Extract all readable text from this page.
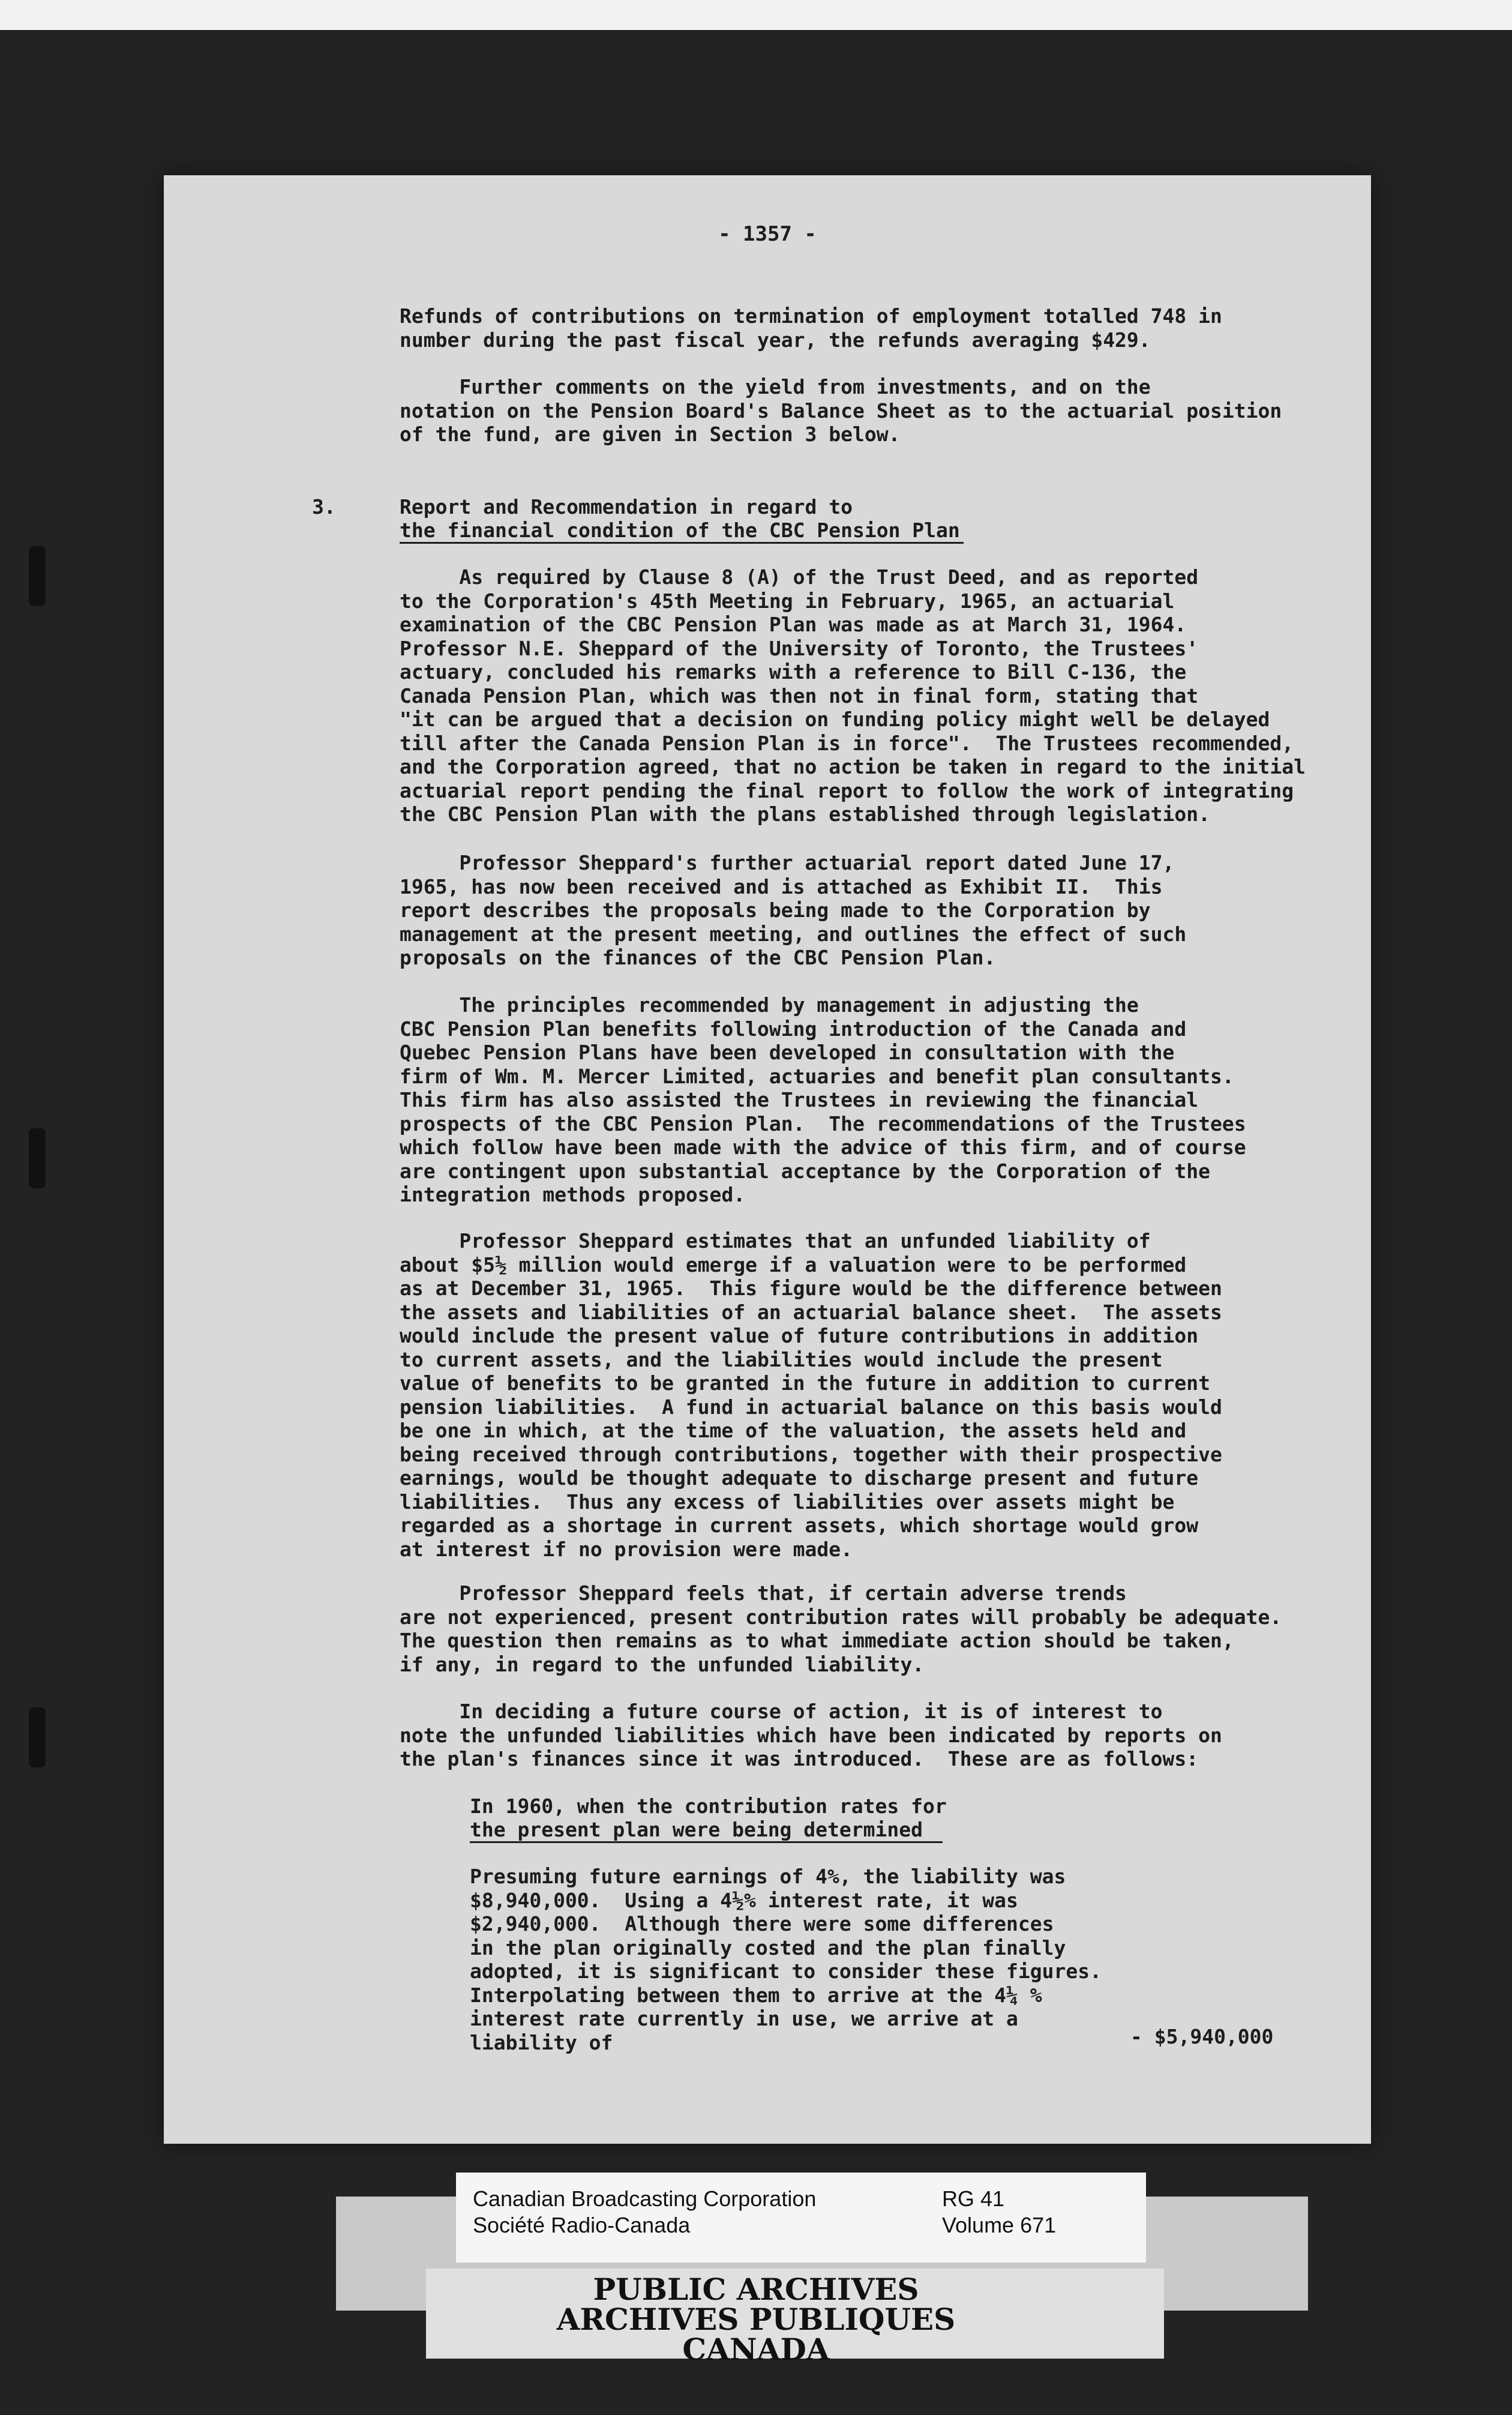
- 1357 -
Refunds of contributions on termination of employment totalled 748 in
number during the past fiscal year, the refunds averaging $429.
Further comments on the yield from investments, and on the
notation on the Pension Board's Balance Sheet as to the actuarial position
of the fund, are given in Section 3 below.
3.	Report and Recommendation in regard to
the financial condition of the CBC Pension Plan
As required by Clause 8 (A) of the Trust Deed, and as reported
to the Corporation's 45th Meeting in February, 1965, an actuarial
examination of the CBC Pension Plan was made as at March 31, 1964.
Professor N.E. Sheppard of the University of Toronto, the Trustees'
actuary, concluded his remarks with a reference to Bill C-136, the
Canada Pension Plan, which was then not in final form, stating that
"it can be argued that a decision on funding policy might well be delayed
till after the Canada Pension Plan is in force".  The Trustees recommended,
and the Corporation agreed, that no action be taken in regard to the initial
actuarial report pending the final report to follow the work of integrating
the CBC Pension Plan with the plans established through legislation.
Professor Sheppard's further actuarial report dated June 17,
1965, has now been received and is attached as Exhibit II.  This
report describes the proposals being made to the Corporation by
management at the present meeting, and outlines the effect of such
proposals on the finances of the CBC Pension Plan.
The principles recommended by management in adjusting the
CBC Pension Plan benefits following introduction of the Canada and
Quebec Pension Plans have been developed in consultation with the
firm of Wm. M. Mercer Limited, actuaries and benefit plan consultants.
This firm has also assisted the Trustees in reviewing the financial
prospects of the CBC Pension Plan.  The recommendations of the Trustees
which follow have been made with the advice of this firm, and of course
are contingent upon substantial acceptance by the Corporation of the
integration methods proposed.
Professor Sheppard estimates that an unfunded liability of
about $5½ million would emerge if a valuation were to be performed
as at December 31, 1965.  This figure would be the difference between
the assets and liabilities of an actuarial balance sheet.  The assets
would include the present value of future contributions in addition
to current assets, and the liabilities would include the present
value of benefits to be granted in the future in addition to current
pension liabilities.  A fund in actuarial balance on this basis would
be one in which, at the time of the valuation, the assets held and
being received through contributions, together with their prospective
earnings, would be thought adequate to discharge present and future
liabilities.  Thus any excess of liabilities over assets might be
regarded as a shortage in current assets, which shortage would grow
at interest if no provision were made.
Professor Sheppard feels that, if certain adverse trends
are not experienced, present contribution rates will probably be adequate.
The question then remains as to what immediate action should be taken,
if any, in regard to the unfunded liability.
In deciding a future course of action, it is of interest to
note the unfunded liabilities which have been indicated by reports on
the plan's finances since it was introduced.  These are as follows:
In 1960, when the contribution rates for
the present plan were being determined
Presuming future earnings of 4%, the liability was
$8,940,000.  Using a 4½% interest rate, it was
$2,940,000.  Although there were some differences
in the plan originally costed and the plan finally
adopted, it is significant to consider these figures.
Interpolating between them to arrive at the 4¼ %
interest rate currently in use, we arrive at a
liability of	- $5,940,000
Canadian Broadcasting Corporation
Société Radio-Canada
RG 41
Volume 671
PUBLIC ARCHIVES
ARCHIVES PUBLIQUES
CANADA
